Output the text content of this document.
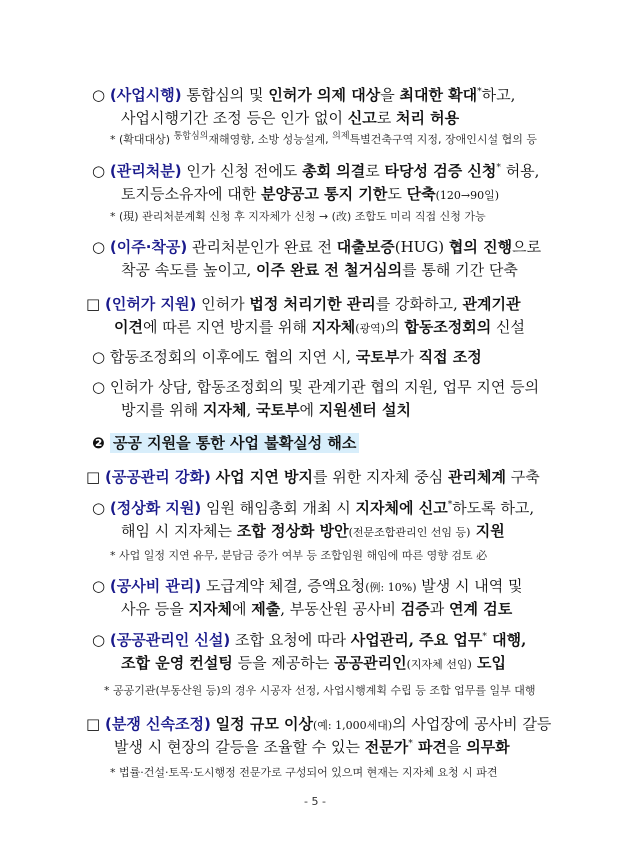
○ (사업시행) 통합심의 및 인허가 의제 대상을 최대한 확대*하고,
사업시행기간 조정 등은 인가 없이 신고로 처리 허용
* (확대대상) $^{통합심의}$재해영향, 소방 성능설계, $^{의제}$특별건축구역 지정, 장애인시설 협의 등
○ (관리처분) 인가 신청 전에도 총회 의결로 타당성 검증 신청* 허용,
토지등소유자에 대한 분양공고 통지 기한도 단축(120→90일)
* (現) 관리처분계획 신청 후 지자체가 신청 → (改) 조합도 미리 직접 신청 가능
○ (이주·착공) 관리처분인가 완료 전 대출보증(HUG) 협의 진행으로
착공 속도를 높이고, 이주 완료 전 철거심의를 통해 기간 단축
□ (인허가 지원) 인허가 법정 처리기한 관리를 강화하고, 관계기관
이견에 따른 지연 방지를 위해 지자체(광역)의 합동조정회의 신설
○ 합동조정회의 이후에도 협의 지연 시, 국토부가 직접 조정
○ 인허가 상담, 합동조정회의 및 관계기관 협의 지원, 업무 지연 등의
방지를 위해 지자체, 국토부에 지원센터 설치
❷ 공공 지원을 통한 사업 불확실성 해소
□ (공공관리 강화) 사업 지연 방지를 위한 지자체 중심 관리체계 구축
○ (정상화 지원) 임원 해임총회 개최 시 지자체에 신고*하도록 하고,
해임 시 지자체는 조합 정상화 방안(전문조합관리인 선임 등) 지원
* 사업 일정 지연 유무, 분담금 증가 여부 등 조합임원 해임에 따른 영향 검토 必
○ (공사비 관리) 도급계약 체결, 증액요청(例: 10%) 발생 시 내역 및
사유 등을 지자체에 제출, 부동산원 공사비 검증과 연계 검토
○ (공공관리인 신설) 조합 요청에 따라 사업관리, 주요 업무* 대행,
조합 운영 컨설팅 등을 제공하는 공공관리인(지자체 선임) 도입
* 공공기관(부동산원 등)의 경우 시공자 선정, 사업시행계획 수립 등 조합 업무를 일부 대행
□ (분쟁 신속조정) 일정 규모 이상(예: 1,000세대)의 사업장에 공사비 갈등
발생 시 현장의 갈등을 조율할 수 있는 전문가* 파견을 의무화
* 법률·건설·토목·도시행정 전문가로 구성되어 있으며 현재는 지자체 요청 시 파견
- 5 -
